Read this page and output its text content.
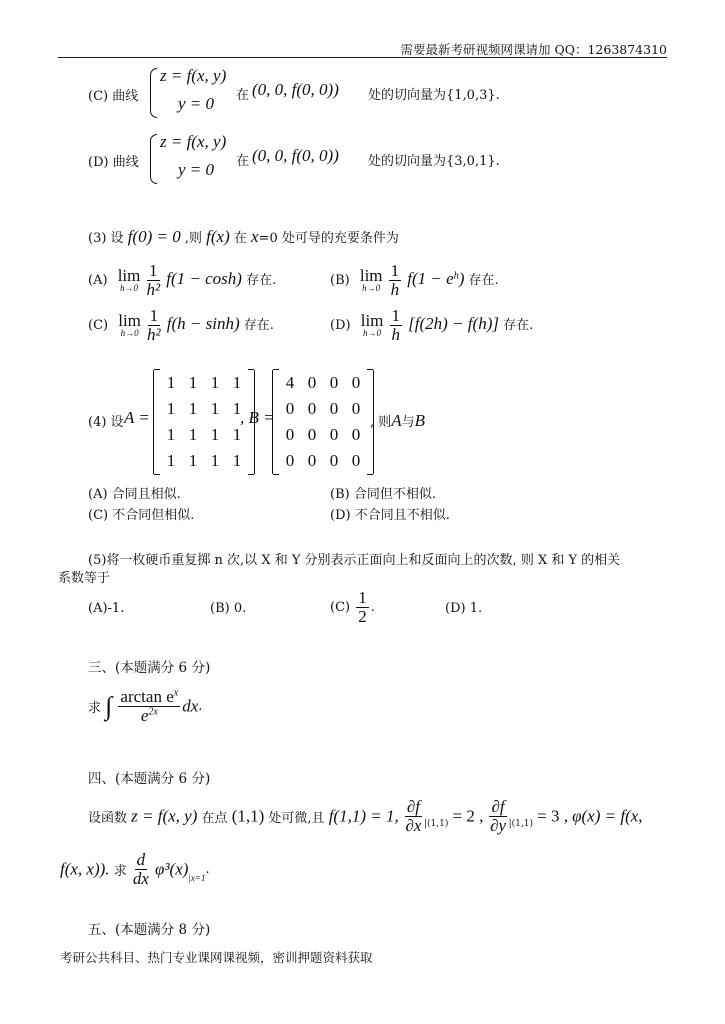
需要最新考研视频网课请加 QQ：1263874310
(C) 曲线
z = f(x, y)
y = 0 在 (0, 0, f(0, 0)) 处的切向量为{1,0,3}.
(D) 曲线
z = f(x, y)
y = 0 在 (0, 0, f(0, 0)) 处的切向量为{3,0,1}.
(3) 设 f(0) = 0 ,则 f(x) 在 x=0 处可导的充要条件为
(A) lim
h→0
$\frac{1}{\text{h²}} f(1 - \cosh)$ 存在.	(B) lim
h→0
$\frac{1}{h} f(1 - e^h)$ 存在.
(C) lim
h→0
$\frac{1}{\text{h²}} f(h - \sinh)$ 存在.	(D) lim
h→0
$\frac{1}{h} [f(2h) - f(h)]$ 存在.
(4) 设 A =
1	1	1	1
1	1	1	1
1	1	1	1
1	1	1	1
, B =
4	0	0	0
0	0	0	0
0	0	0	0
0	0	0	0
, 则A与B
(A) 合同且相似.	(B) 合同但不相似.
(C) 不合同但相似.	(D) 不合同且不相似.
(5)将一枚硬币重复掷 n 次,以 X 和 Y 分别表示正面向上和反面向上的次数, 则 X 和 Y 的相关
系数等于
(A)-1.	(B) 0.	$(C) \frac{1}{2}$ .	(D) 1.
三、(本题满分 6 分)
求 ∫ $\frac{\arctan e^x}{e^{2x}}$ dx.
四、(本题满分 6 分)
设函数 z = f(x, y) 在点 (1,1) 处可微,且 f(1,1) = 1, $\frac{\partial f}{\partial x} _{|(1,1)} = 2$ , $\frac{\partial f}{\partial y} _{|(1,1)} = 3$ , φ(x) = f(x,
f(x, x)). 求 $\frac{d}{dx} \varphi^3(x)_{|x=1}$.
五、(本题满分 8 分)
考研公共科目、热门专业课网课视频，密训押题资料获取
